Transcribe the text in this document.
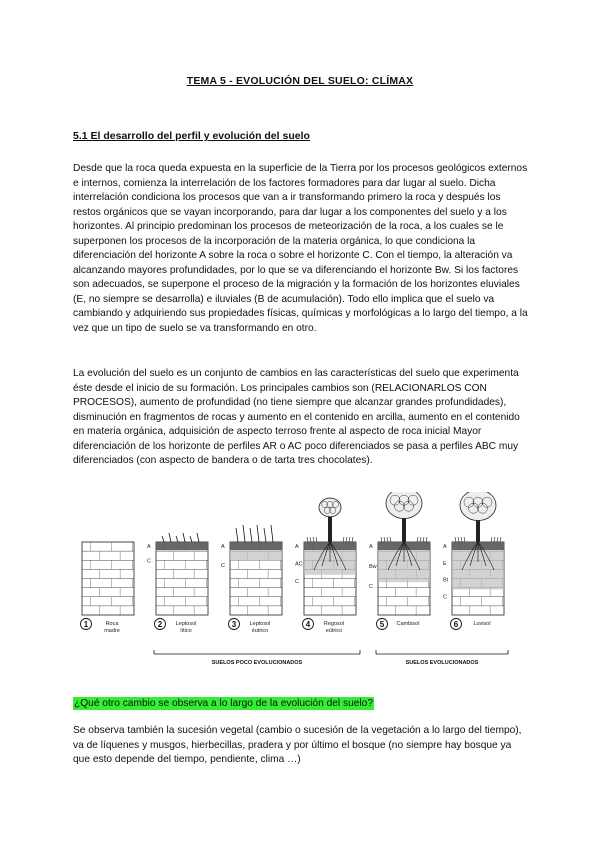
TEMA 5 - EVOLUCIÓN DEL SUELO: CLÍMAX
5.1 El desarrollo del perfil y evolución del suelo

Desde que la roca queda expuesta en la superficie de la Tierra por los procesos geológicos externos e internos, comienza la interrelación de los factores formadores para dar lugar al suelo. Dicha interrelación condiciona los procesos que van a ir transformando primero la roca y después los restos orgánicos que se vayan incorporando, para dar lugar a los componentes del suelo y a los horizontes. Al principio predominan los procesos de meteorización de la roca, a los cuales se le superponen los procesos de la incorporación de la materia orgánica, lo que condiciona la diferenciación del horizonte A sobre la roca o sobre el horizonte C. Con el tiempo, la alteración va alcanzando mayores profundidades, por lo que se va diferenciando el horizonte Bw. Si los factores son adecuados, se superpone el proceso de la migración y la formación de los horizontes eluviales (E, no siempre se desarrolla) e iluviales (B de acumulación). Todo ello implica que el suelo va cambiando y adquiriendo sus propiedades físicas, químicas y morfológicas a lo largo del tiempo, a la vez que un tipo de suelo se va transformando en otro.

La evolución del suelo es un conjunto de cambios en las características del suelo que experimenta éste desde el inicio de su formación. Los principales cambios son (RELACIONARLOS CON PROCESOS), aumento de profundidad (no tiene siempre que alcanzar grandes profundidades), disminución en fragmentos de rocas y aumento en el contenido en arcilla, aumento en el contenido en materia orgánica, adquisición de aspecto terroso frente al aspecto de roca inicial Mayor diferenciación de los horizonte de perfiles AR o AC poco diferenciados se pasa a perfiles ABC muy diferenciados (con aspecto de bandera o de tarta tres chocolates).

1	Roca
madre
A
C
2 Leptosol
lítico
A
C
3 Leptosol
éutrico
A
AC
C
4 Regosol
eútrico
A
Bw
C
5 Cambisol
A
E
Bt
C
6	Luvisol
SUELOS POCO EVOLUCIONADOS	SUELOS EVOLUCIONADOS
¿Qué otro cambio se observa a lo largo de la evolución del suelo?

Se observa también la sucesión vegetal (cambio o sucesión de la vegetación a lo largo del tiempo), va de líquenes y musgos, hierbecillas, pradera y por último el bosque (no siempre hay bosque ya que esto depende del tiempo, pendiente, clima …)
